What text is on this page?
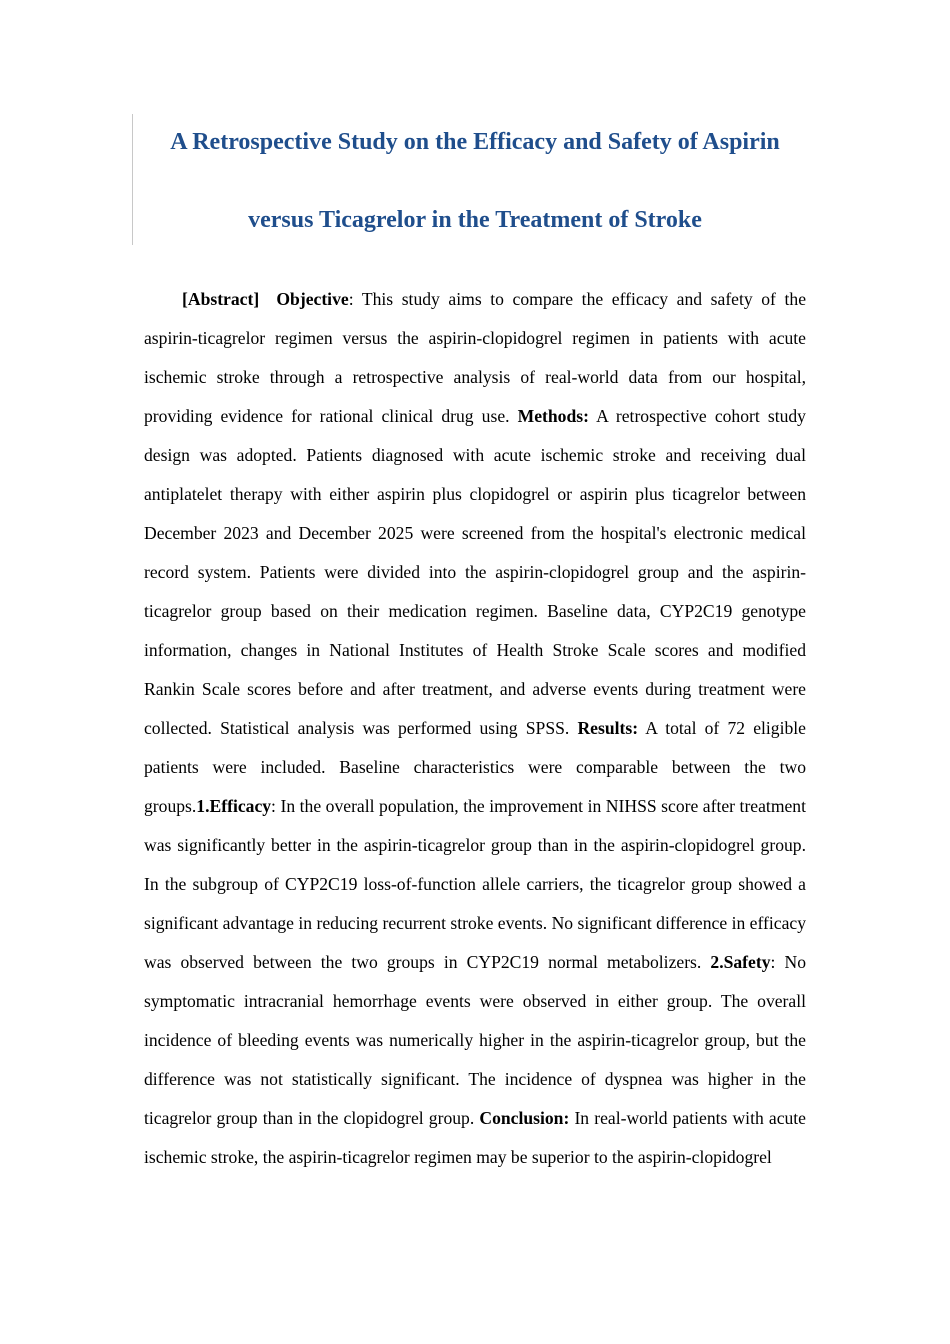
A Retrospective Study on the Efficacy and Safety of Aspirin
versus Ticagrelor in the Treatment of Stroke

[Abstract] Objective: This study aims to compare the efficacy and safety of the aspirin-ticagrelor regimen versus the aspirin-clopidogrel regimen in patients with acute ischemic stroke through a retrospective analysis of real-world data from our hospital, providing evidence for rational clinical drug use. Methods: A retrospective cohort study design was adopted. Patients diagnosed with acute ischemic stroke and receiving dual antiplatelet therapy with either aspirin plus clopidogrel or aspirin plus ticagrelor between December 2023 and December 2025 were screened from the hospital's electronic medical record system. Patients were divided into the aspirin-clopidogrel group and the aspirin-ticagrelor group based on their medication regimen. Baseline data, CYP2C19 genotype information, changes in National Institutes of Health Stroke Scale scores and modified Rankin Scale scores before and after treatment, and adverse events during treatment were collected. Statistical analysis was performed using SPSS. Results: A total of 72 eligible patients were included. Baseline characteristics were comparable between the two groups.1.Efficacy: In the overall population, the improvement in NIHSS score after treatment was significantly better in the aspirin-ticagrelor group than in the aspirin-clopidogrel group. In the subgroup of CYP2C19 loss-of-function allele carriers, the ticagrelor group showed a significant advantage in reducing recurrent stroke events. No significant difference in efficacy was observed between the two groups in CYP2C19 normal metabolizers. 2.Safety: No symptomatic intracranial hemorrhage events were observed in either group. The overall incidence of bleeding events was numerically higher in the aspirin-ticagrelor group, but the difference was not statistically significant. The incidence of dyspnea was higher in the ticagrelor group than in the clopidogrel group. Conclusion: In real-world patients with acute ischemic stroke, the aspirin-ticagrelor regimen may be superior to the aspirin-clopidogrel
